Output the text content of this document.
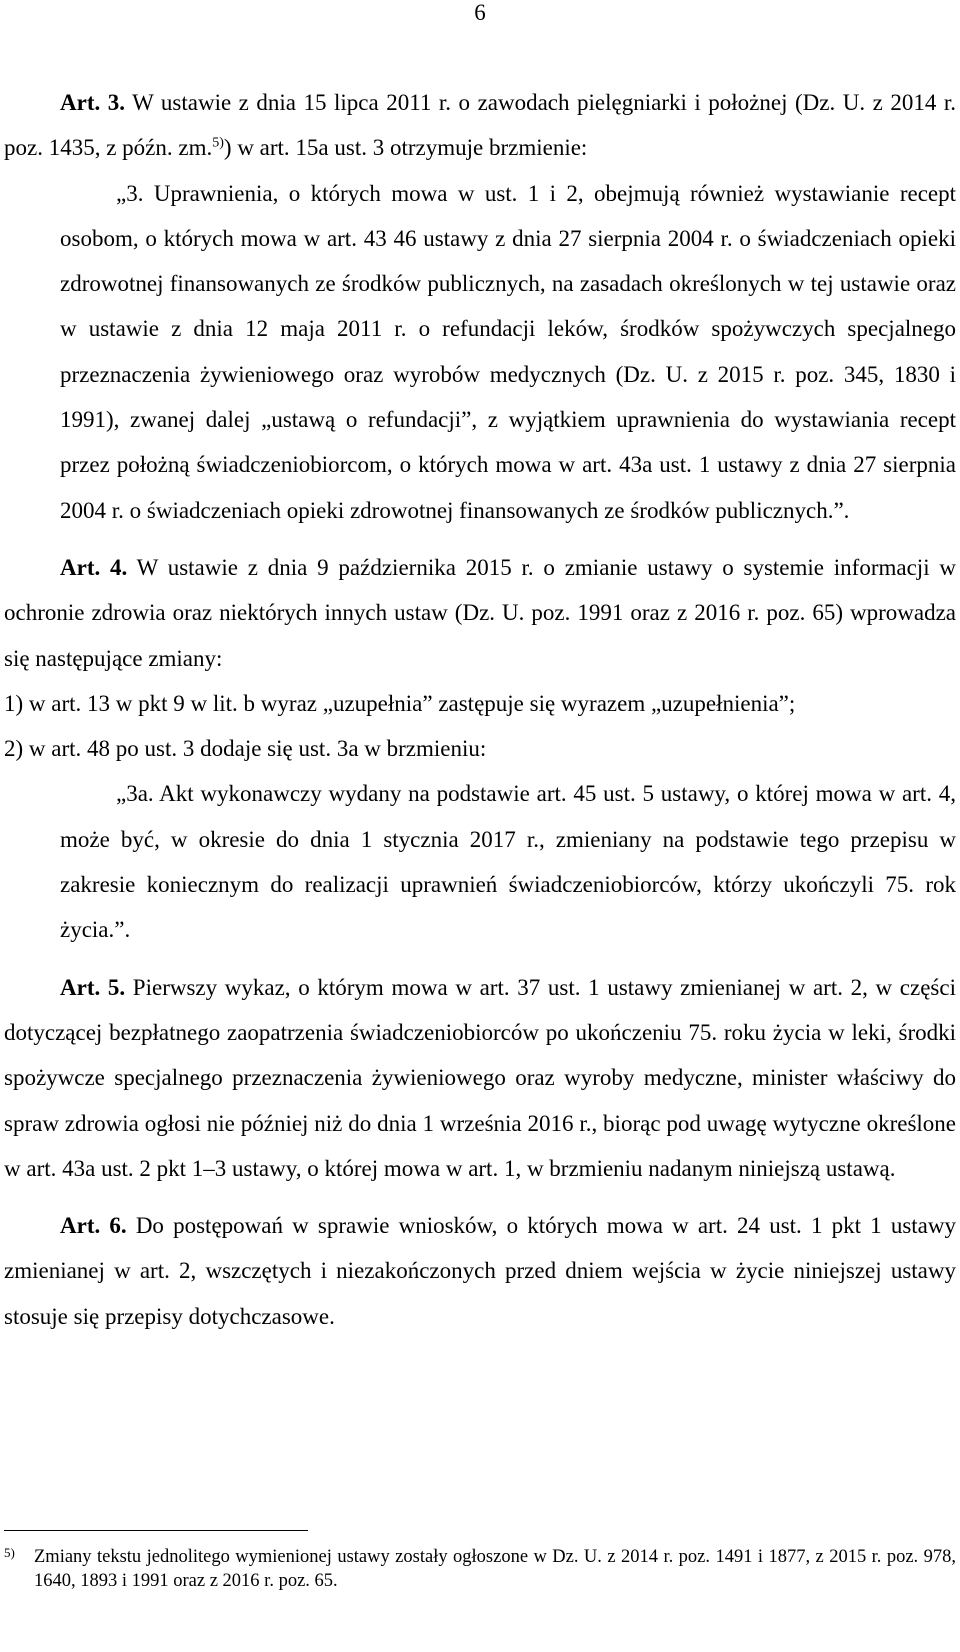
6

Art. 3. W ustawie z dnia 15 lipca 2011 r. o zawodach pielęgniarki i położnej (Dz. U. z 2014 r. poz. 1435, z późn. zm.$^{5)}$) w art. 15a ust. 3 otrzymuje brzmienie:

„3. Uprawnienia, o których mowa w ust. 1 i 2, obejmują również wystawianie recept osobom, o których mowa w art. 43 46 ustawy z dnia 27 sierpnia 2004 r. o świadczeniach opieki zdrowotnej finansowanych ze środków publicznych, na zasadach określonych w tej ustawie oraz w ustawie z dnia 12 maja 2011 r. o refundacji leków, środków spożywczych specjalnego przeznaczenia żywieniowego oraz wyrobów medycznych (Dz. U. z 2015 r. poz. 345, 1830 i 1991), zwanej dalej „ustawą o refundacji”, z wyjątkiem uprawnienia do wystawiania recept przez położną świadczeniobiorcom, o których mowa w art. 43a ust. 1 ustawy z dnia 27 sierpnia 2004 r. o świadczeniach opieki zdrowotnej finansowanych ze środków publicznych.”.

Art. 4. W ustawie z dnia 9 października 2015 r. o zmianie ustawy o systemie informacji w ochronie zdrowia oraz niektórych innych ustaw (Dz. U. poz. 1991 oraz z 2016 r. poz. 65) wprowadza się następujące zmiany:

1) w art. 13 w pkt 9 w lit. b wyraz „uzupełnia” zastępuje się wyrazem „uzupełnienia”;

2) w art. 48 po ust. 3 dodaje się ust. 3a w brzmieniu:

„3a. Akt wykonawczy wydany na podstawie art. 45 ust. 5 ustawy, o której mowa w art. 4, może być, w okresie do dnia 1 stycznia 2017 r., zmieniany na podstawie tego przepisu w zakresie koniecznym do realizacji uprawnień świadczeniobiorców, którzy ukończyli 75. rok życia.”.

Art. 5. Pierwszy wykaz, o którym mowa w art. 37 ust. 1 ustawy zmienianej w art. 2, w części dotyczącej bezpłatnego zaopatrzenia świadczeniobiorców po ukończeniu 75. roku życia w leki, środki spożywcze specjalnego przeznaczenia żywieniowego oraz wyroby medyczne, minister właściwy do spraw zdrowia ogłosi nie później niż do dnia 1 września 2016 r., biorąc pod uwagę wytyczne określone w art. 43a ust. 2 pkt 1–3 ustawy, o której mowa w art. 1, w brzmieniu nadanym niniejszą ustawą.

Art. 6. Do postępowań w sprawie wniosków, o których mowa w art. 24 ust. 1 pkt 1 ustawy zmienianej w art. 2, wszczętych i niezakończonych przed dniem wejścia w życie niniejszej ustawy stosuje się przepisy dotychczasowe.

5) Zmiany tekstu jednolitego wymienionej ustawy zostały ogłoszone w Dz. U. z 2014 r. poz. 1491 i 1877, z 2015 r. poz. 978, 1640, 1893 i 1991 oraz z 2016 r. poz. 65.
